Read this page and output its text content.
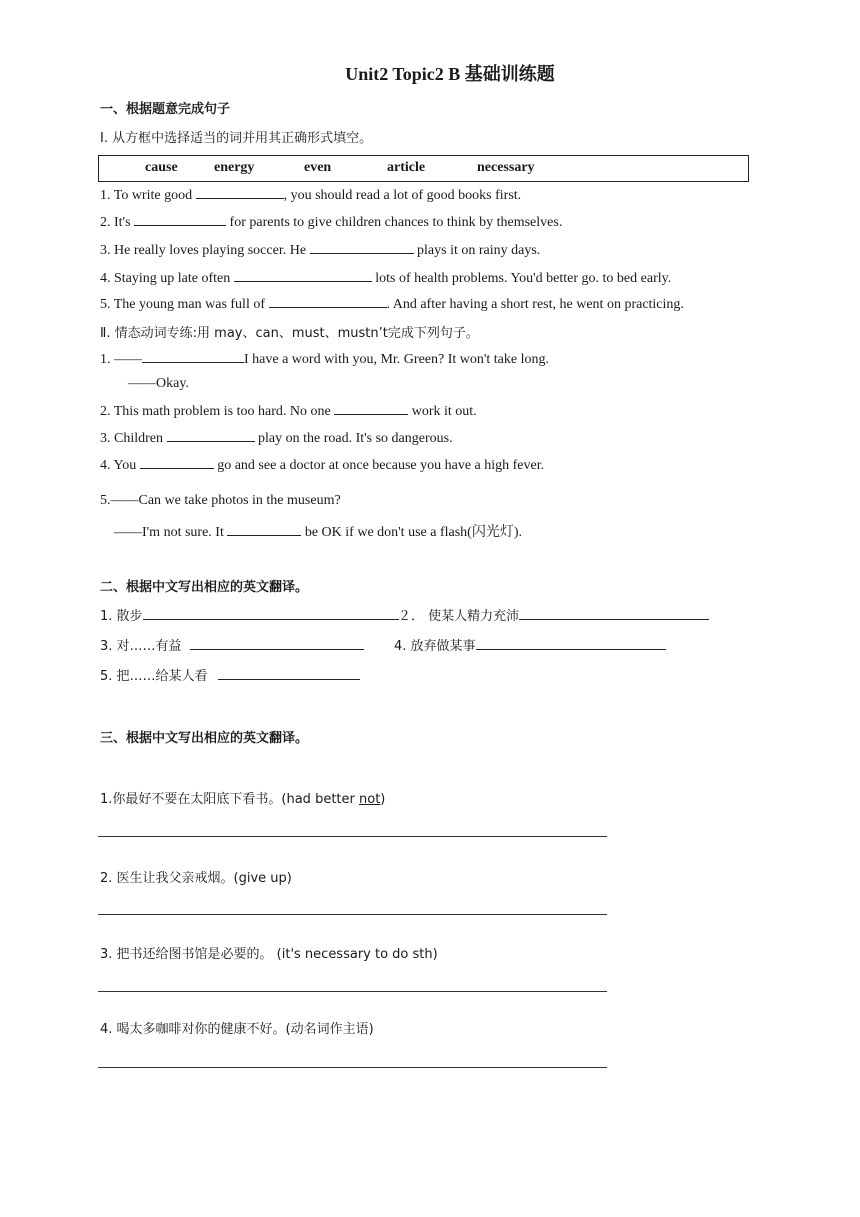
Unit2 Topic2 B 基础训练题
一、根据题意完成句子
Ⅰ. 从方框中选择适当的词并用其正确形式填空。
cause	energy	even	article	necessary
1. To write good	, you should read a lot of good books first.
2. It's	for parents to give children chances to think by themselves.
3. He really loves playing soccer. He	plays it on rainy days.
4. Staying up late often	lots of health problems. You'd better go. to bed early.
5. The young man was full of	. And after having a short rest, he went on practicing.
Ⅱ. 情态动词专练:用 may、can、must、mustn’t完成下列句子。
1. ——	I have a word with you, Mr. Green? It won't take long.
——Okay.
2. This math problem is too hard. No one	work it out.
3. Children	play on the road. It's so dangerous.
4. You	go and see a doctor at once because you have a high fever.
5.——Can we take photos in the museum?
——I'm not sure. It	be OK if we don't use a flash(闪光灯).
二、根据中文写出相应的英文翻译。
1. 散步	２． 使某人精力充沛
3. 对……有益	4. 放弃做某事
5. 把……给某人看
三、根据中文写出相应的英文翻译。
1.你最好不要在太阳底下看书。(had better not)
2. 医生让我父亲戒烟。(give up)
3. 把书还给图书馆是必要的。 (it's necessary to do sth)
4. 喝太多咖啡对你的健康不好。(动名词作主语)
